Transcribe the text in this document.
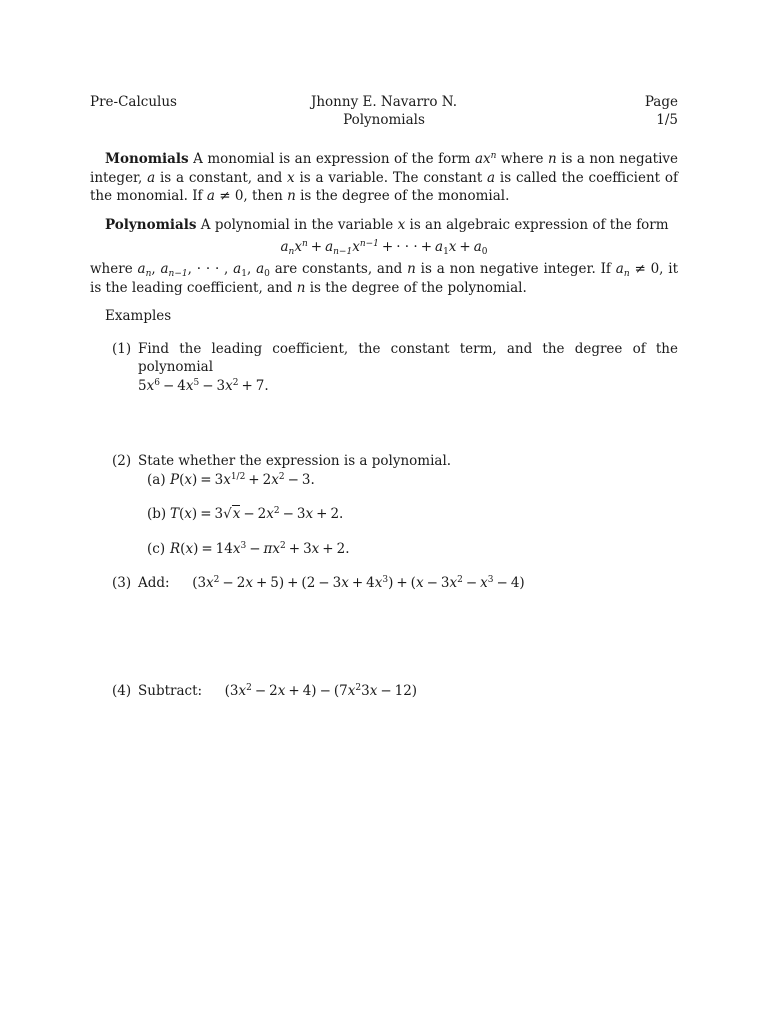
Pre-Calculus	Jhonny E. Navarro N.
Polynomials
Page
1/5

Monomials A monomial is an expression of the form $ax^n$ where n is a non negative integer, a is a constant, and x is a variable. The constant a is called the coefficient of the monomial. If a ≠ 0, then n is the degree of the monomial.

Polynomials A polynomial in the variable x is an algebraic expression of the form

$a_nx^n + a_{n-1}x^{n-1}$ + · · · + $a_1x + a_0$

where $a_n$, $a_{n-1}$, · · · , $a_1$, $a_0$ are constants, and n is a non negative integer. If $a_n \ne 0$, it is the leading coefficient, and n is the degree of the polynomial.

Examples

(1) Find the leading coefficient, the constant term, and the degree of the polynomial

$5x^6 - 4x^5 - 3x^2 + 7$.
(2) State whether the expression is a polynomial.
(a) $P(x) = 3x^{1/2} + 2x^2 - 3$.
(b) $T(x) = 3√x - 2x^2 - 3x + 2$.
(c) $R(x) = 14x^3 - \pi x^2 + 3x + 2$.
(3) Add: $(3x^2 - 2x + 5) + (2 - 3x + 4x^3) + (x - 3x^2 - x^3 - 4)$
(4) Subtract: $(3x^2 - 2x + 4) - (7x^23x - 12)$
